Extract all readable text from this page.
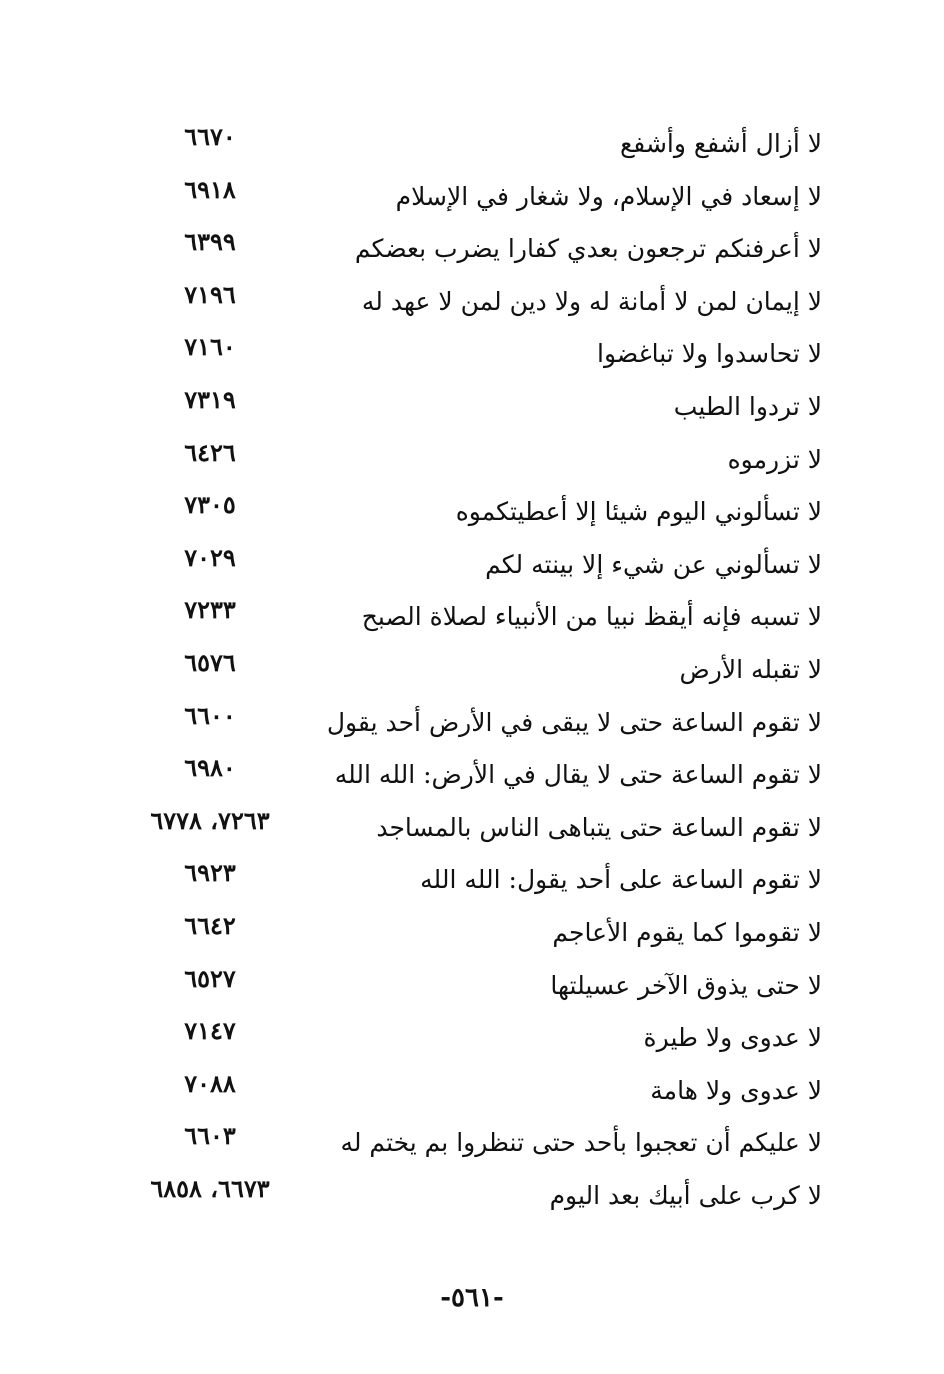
لا أزال أشفع وأشفع
٦٦٧٠
لا إسعاد في الإسلام، ولا شغار في الإسلام
٦٩١٨
لا أعرفنكم ترجعون بعدي كفارا يضرب بعضكم
٦٣٩٩
لا إيمان لمن لا أمانة له ولا دين لمن لا عهد له
٧١٩٦
لا تحاسدوا ولا تباغضوا
٧١٦٠
لا تردوا الطيب
٧٣١٩
لا تزرموه
٦٤٢٦
لا تسألوني اليوم شيئا إلا أعطيتكموه
٧٣٠٥
لا تسألوني عن شيء إلا بينته لكم
٧٠٢٩
لا تسبه فإنه أيقظ نبيا من الأنبياء لصلاة الصبح
٧٢٣٣
لا تقبله الأرض
٦٥٧٦
لا تقوم الساعة حتى لا يبقى في الأرض أحد يقول
٦٦٠٠
لا تقوم الساعة حتى لا يقال في الأرض: الله الله
٦٩٨٠
لا تقوم الساعة حتى يتباهى الناس بالمساجد
٧٢٦٣، ٦٧٧٨
لا تقوم الساعة على أحد يقول: الله الله
٦٩٢٣
لا تقوموا كما يقوم الأعاجم
٦٦٤٢
لا حتى يذوق الآخر عسيلتها
٦٥٢٧
لا عدوى ولا طيرة
٧١٤٧
لا عدوى ولا هامة
٧٠٨٨
لا عليكم أن تعجبوا بأحد حتى تنظروا بم يختم له
٦٦٠٣
لا كرب على أبيك بعد اليوم
٦٦٧٣، ٦٨٥٨
-٥٦١-
